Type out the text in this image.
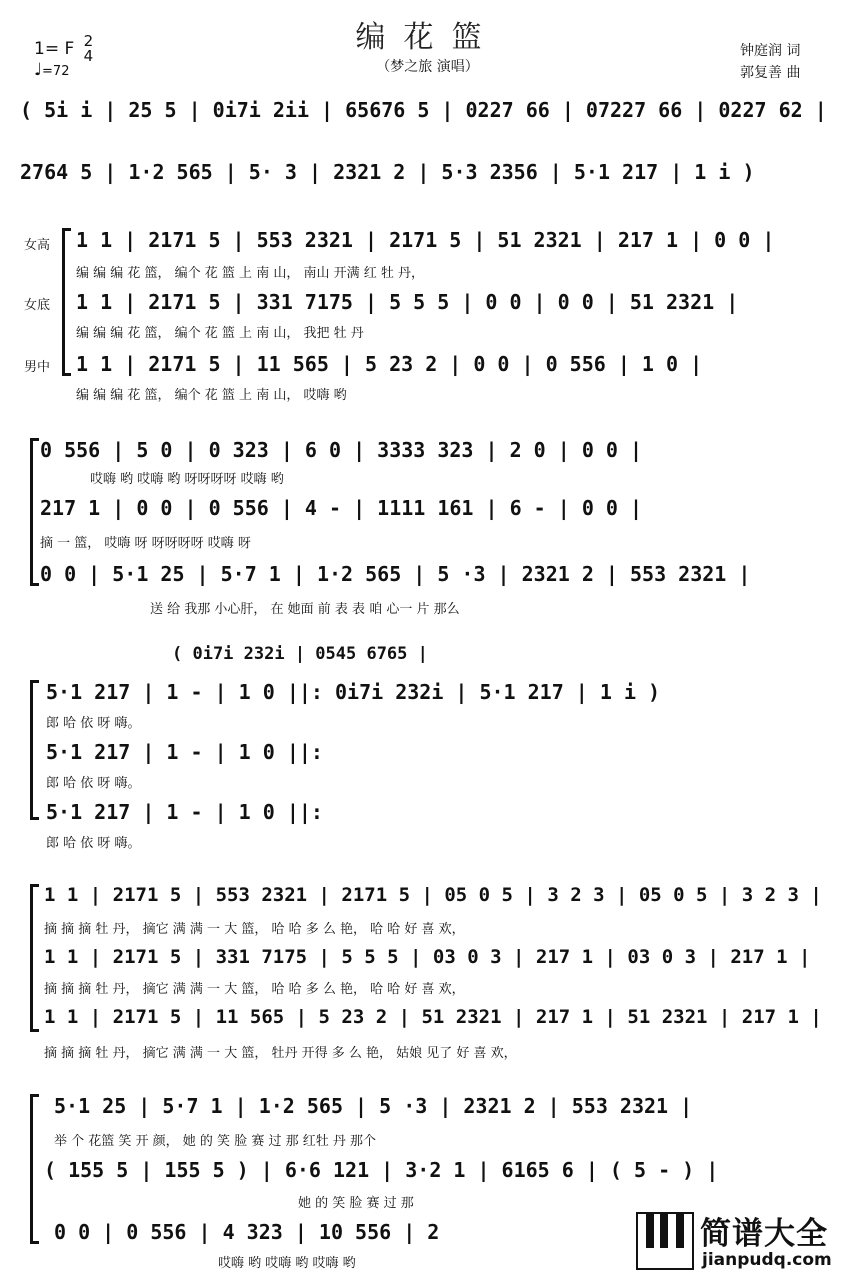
编花篮
（梦之旅 演唱）
1= F 2
4
♩=72
钟庭润 词
郭复善 曲
( 5i i | 25 5 | 0i7i 2ii | 65676 5 | 0227 66 | 07227 66 | 0227 62 |
2764 5 | 1·2 565 | 5· 3 | 2321 2 | 5·3 2356 | 5·1 217 | 1 i )
女高
女底
男中
1 1 | 2171 5 | 553 2321 | 2171 5 | 51 2321 | 217 1 | 0 0 |
编 编 编 花 篮， 编个 花 篮 上 南 山， 南山 开满 红 牡 丹，
1 1 | 2171 5 | 331 7175 | 5 5 5 | 0 0 | 0 0 | 51 2321 |
编 编 编 花 篮， 编个 花 篮 上 南 山， 我把 牡 丹
1 1 | 2171 5 | 11 565 | 5 23 2 | 0 0 | 0 556 | 1 0 |
编 编 编 花 篮， 编个 花 篮 上 南 山， 哎嗨 哟
0 556 | 5 0 | 0 323 | 6 0 | 3333 323 | 2 0 | 0 0 |
哎嗨 哟 哎嗨 哟 呀呀呀呀 哎嗨 哟
217 1 | 0 0 | 0 556 | 4 - | 1111 161 | 6 - | 0 0 |
摘 一 篮， 哎嗨 呀 呀呀呀呀 哎嗨 呀
0 0 | 5·1 25 | 5·7 1 | 1·2 565 | 5 ·3 | 2321 2 | 553 2321 |
送 给 我那 小心肝， 在 她面 前 表 表 咱 心一 片 那么
( 0i7i 232i | 0545 6765 |
5·1 217 | 1 - | 1 0 ||: 0i7i 232i | 5·1 217 | 1 i )
郎 哈 依 呀 嗨。
5·1 217 | 1 - | 1 0 ||:
郎 哈 依 呀 嗨。
5·1 217 | 1 - | 1 0 ||:
郎 哈 依 呀 嗨。
1 1 | 2171 5 | 553 2321 | 2171 5 | 05 0 5 | 3 2 3 | 05 0 5 | 3 2 3 |
摘 摘 摘 牡 丹， 摘它 满 满 一 大 篮， 哈 哈 多 么 艳， 哈 哈 好 喜 欢，
1 1 | 2171 5 | 331 7175 | 5 5 5 | 03 0 3 | 217 1 | 03 0 3 | 217 1 |
摘 摘 摘 牡 丹， 摘它 满 满 一 大 篮， 哈 哈 多 么 艳， 哈 哈 好 喜 欢，
1 1 | 2171 5 | 11 565 | 5 23 2 | 51 2321 | 217 1 | 51 2321 | 217 1 |
摘 摘 摘 牡 丹， 摘它 满 满 一 大 篮， 牡丹 开得 多 么 艳， 姑娘 见了 好 喜 欢，
5·1 25 | 5·7 1 | 1·2 565 | 5 ·3 | 2321 2 | 553 2321 |
举 个 花篮 笑 开 颜， 她 的 笑 脸 赛 过 那 红牡 丹 那个
( 155 5 | 155 5 ) | 6·6 121 | 3·2 1 | 6165 6 | ( 5 - ) |
她 的 笑 脸 赛 过 那
0 0 | 0 556 | 4 323 | 10 556 | 2
哎嗨 哟 哎嗨 哟 哎嗨 哟
简谱大全
jianpudq.com
